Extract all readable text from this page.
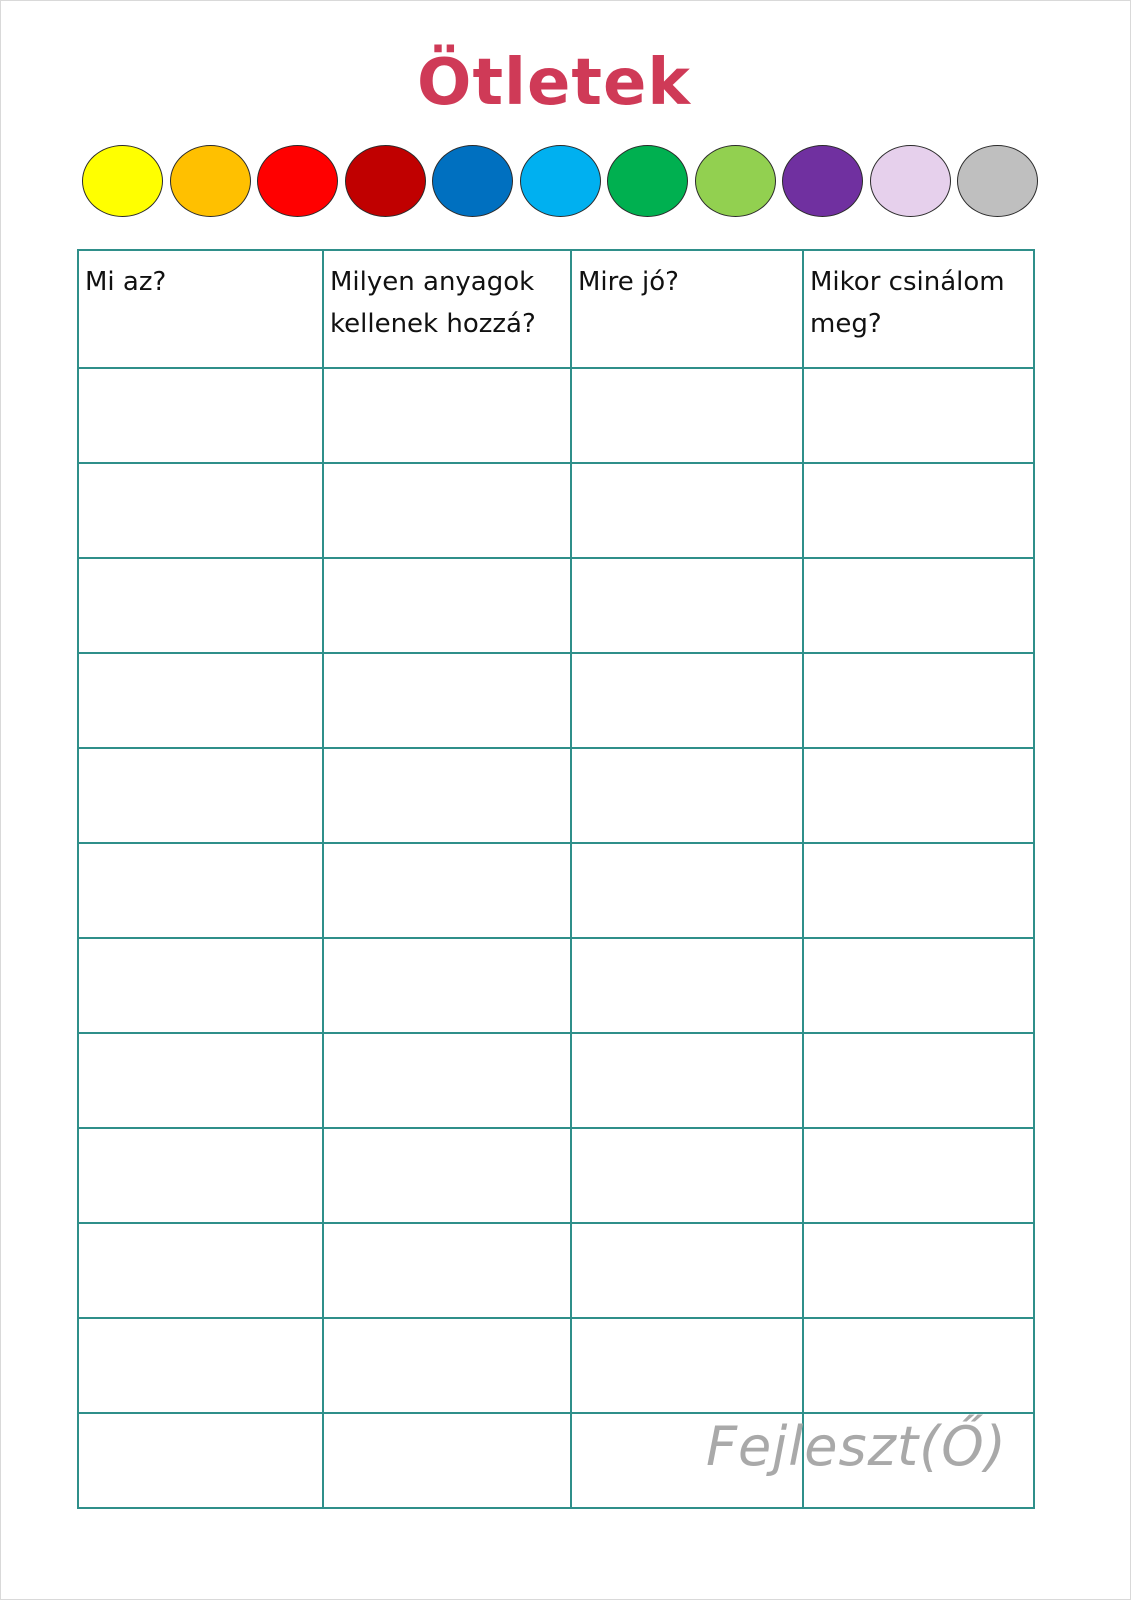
Ötletek
Mi az?	Milyen anyagok kellenek hozzá?	Mire jó?	Mikor csinálom meg?

Fejleszt(Ő)
